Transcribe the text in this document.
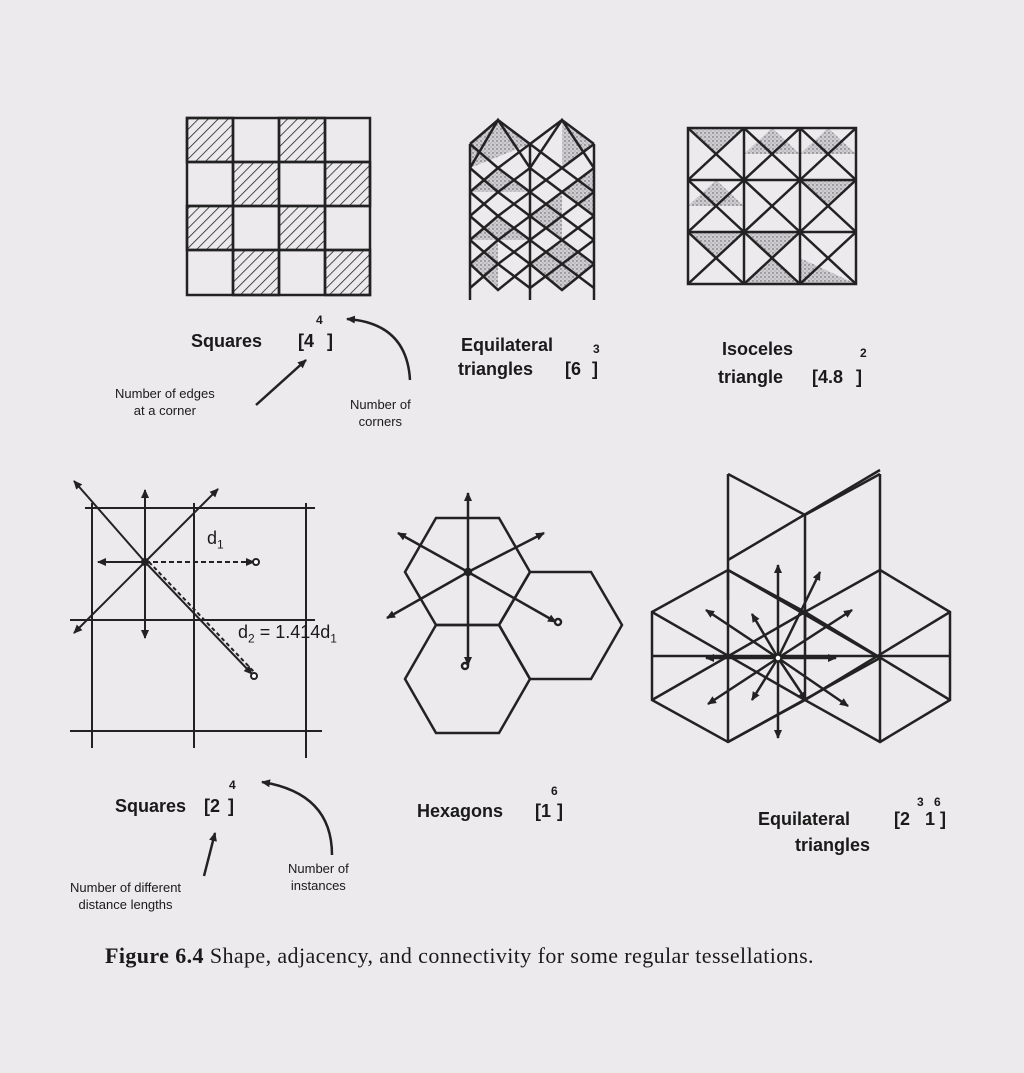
Squares [4
4
]
Number of edges
at a corner	Number of
corners
Equilateral
triangles [6
3
]
Isoceles
triangle [4.8
2
]
$d_1$
$d_2 = 1.414d_1$
Squares [2
4
]
Number of different
distance lengths
Number of
instances
Hexagons [1
6
]	Equilateral
triangles
[2
3
1
6
]
Figure 6.4 Shape, adjacency, and connectivity for some regular tessellations.
